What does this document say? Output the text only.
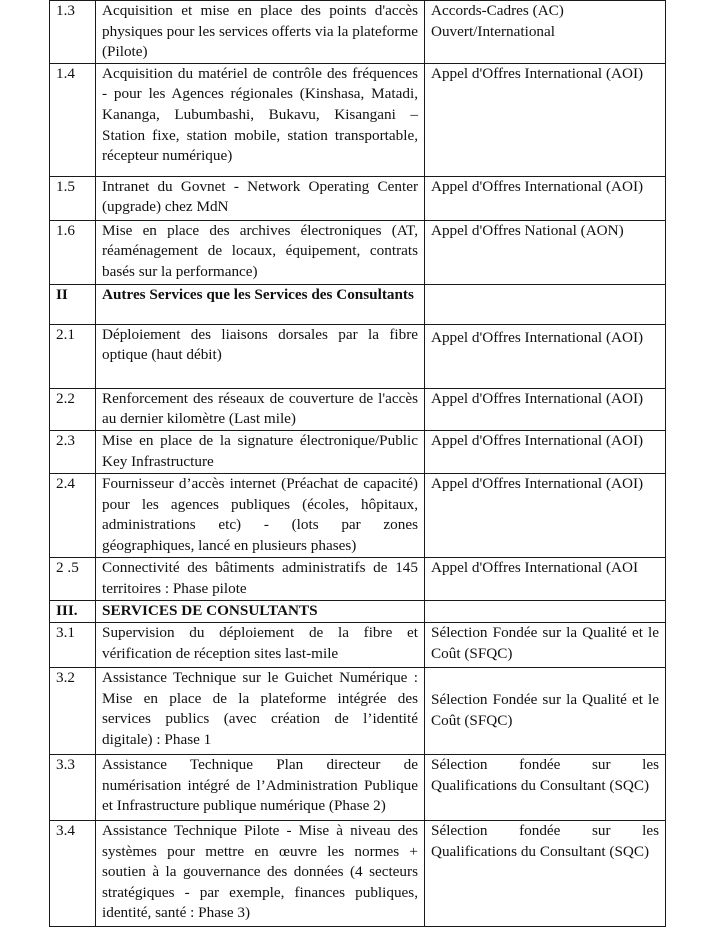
1.3	Acquisition et mise en place des points d'accès physiques pour les services offerts via la plateforme (Pilote)	Accords-Cadres (AC) Ouvert/International
1.4	Acquisition du matériel de contrôle des fréquences - pour les Agences régionales (Kinshasa, Matadi, Kananga, Lubumbashi, Bukavu, Kisangani – Station fixe, station mobile, station transportable, récepteur numérique)	Appel d'Offres International (AOI)
1.5	Intranet du Govnet - Network Operating Center (upgrade) chez MdN	Appel d'Offres International (AOI)
1.6	Mise en place des archives électroniques (AT, réaménagement de locaux, équipement, contrats basés sur la performance)	Appel d'Offres National (AON)
II	Autres Services que les Services des Consultants	
2.1	Déploiement des liaisons dorsales par la fibre optique (haut débit)	Appel d'Offres International (AOI)
2.2	Renforcement des réseaux de couverture de l'accès au dernier kilomètre (Last mile)	Appel d'Offres International (AOI)
2.3	Mise en place de la signature électronique/Public Key Infrastructure	Appel d'Offres International (AOI)
2.4	Fournisseur d’accès internet (Préachat de capacité) pour les agences publiques (écoles, hôpitaux, administrations etc) - (lots par zones géographiques, lancé en plusieurs phases)	Appel d'Offres International (AOI)
2 .5	Connectivité des bâtiments administratifs de 145 territoires : Phase pilote	Appel d'Offres International (AOI
III.	SERVICES DE CONSULTANTS	
3.1	Supervision du déploiement de la fibre et vérification de réception sites last-mile	Sélection Fondée sur la Qualité et le Coût (SFQC)
3.2	Assistance Technique sur le Guichet Numérique : Mise en place de la plateforme intégrée des services publics (avec création de l’identité digitale) : Phase 1	Sélection Fondée sur la Qualité et le Coût (SFQC)
3.3	Assistance Technique Plan directeur de numérisation intégré de l’Administration Publique et Infrastructure publique numérique (Phase 2)	Sélection fondée sur les Qualifications du Consultant (SQC)
3.4	Assistance Technique Pilote - Mise à niveau des systèmes pour mettre en œuvre les normes + soutien à la gouvernance des données (4 secteurs stratégiques - par exemple, finances publiques, identité, santé : Phase 3)	Sélection fondée sur les Qualifications du Consultant (SQC)
